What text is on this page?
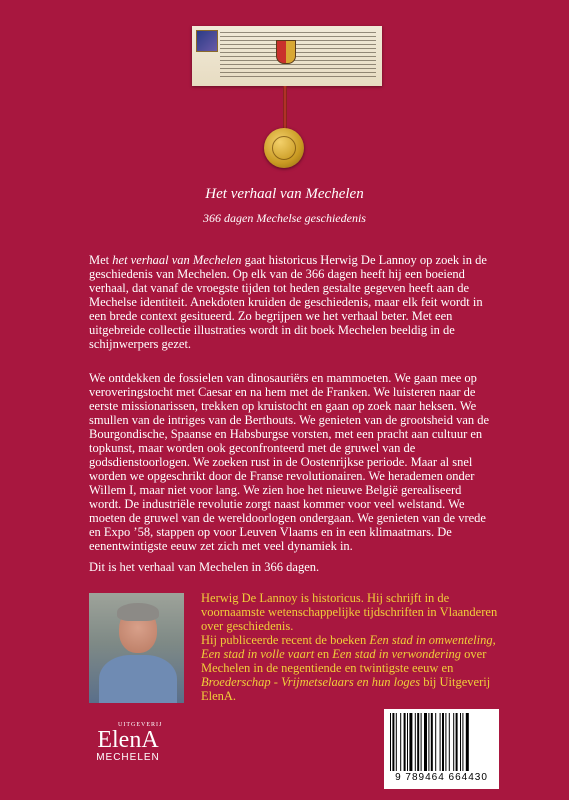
Het verhaal van Mechelen
366 dagen Mechelse geschiedenis
Met het verhaal van Mechelen gaat historicus Herwig De Lannoy op zoek in de geschiedenis van Mechelen. Op elk van de 366 dagen heeft hij een boeiend verhaal, dat vanaf de vroegste tijden tot heden gestalte gegeven heeft aan de Mechelse identiteit. Anekdoten kruiden de geschiedenis, maar elk feit wordt in een brede context gesitueerd. Zo begrijpen we het verhaal beter. Met een uitgebreide collectie illustraties wordt in dit boek Mechelen beeldig in de schijnwerpers gezet.
We ontdekken de fossielen van dinosauriërs en mammoeten. We gaan mee op veroveringstocht met Caesar en na hem met de Franken. We luisteren naar de eerste missionarissen, trekken op kruistocht en gaan op zoek naar heksen. We smullen van de intriges van de Berthouts. We genieten van de grootsheid van de Bourgondische, Spaanse en Habsburgse vorsten, met een pracht aan cultuur en topkunst, maar worden ook geconfronteerd met de gruwel van de godsdienstoorlogen. We zoeken rust in de Oostenrijkse periode. Maar al snel worden we opgeschrikt door de Franse revolutionairen. We herademen onder Willem I, maar niet voor lang. We zien hoe het nieuwe België gerealiseerd wordt. De industriële revolutie zorgt naast kommer voor veel welstand. We moeten de gruwel van de wereldoorlogen ondergaan. We genieten van de vrede en Expo ’58, stappen op voor Leuven Vlaams en in een klimaatmars. De eenentwintigste eeuw zet zich met veel dynamiek in.
Dit is het verhaal van Mechelen in 366 dagen.
Herwig De Lannoy is historicus. Hij schrijft in de voornaamste wetenschappelijke tijdschriften in Vlaanderen over geschiedenis.
Hij publiceerde recent de boeken Een stad in omwenteling, Een stad in volle vaart en Een stad in verwondering over Mechelen in de negentiende en twintigste eeuw en Broederschap - Vrijmetselaars en hun loges bij Uitgeverij ElenA.
UITGEVERIJ
ElenA
MECHELEN
9 789464 664430
